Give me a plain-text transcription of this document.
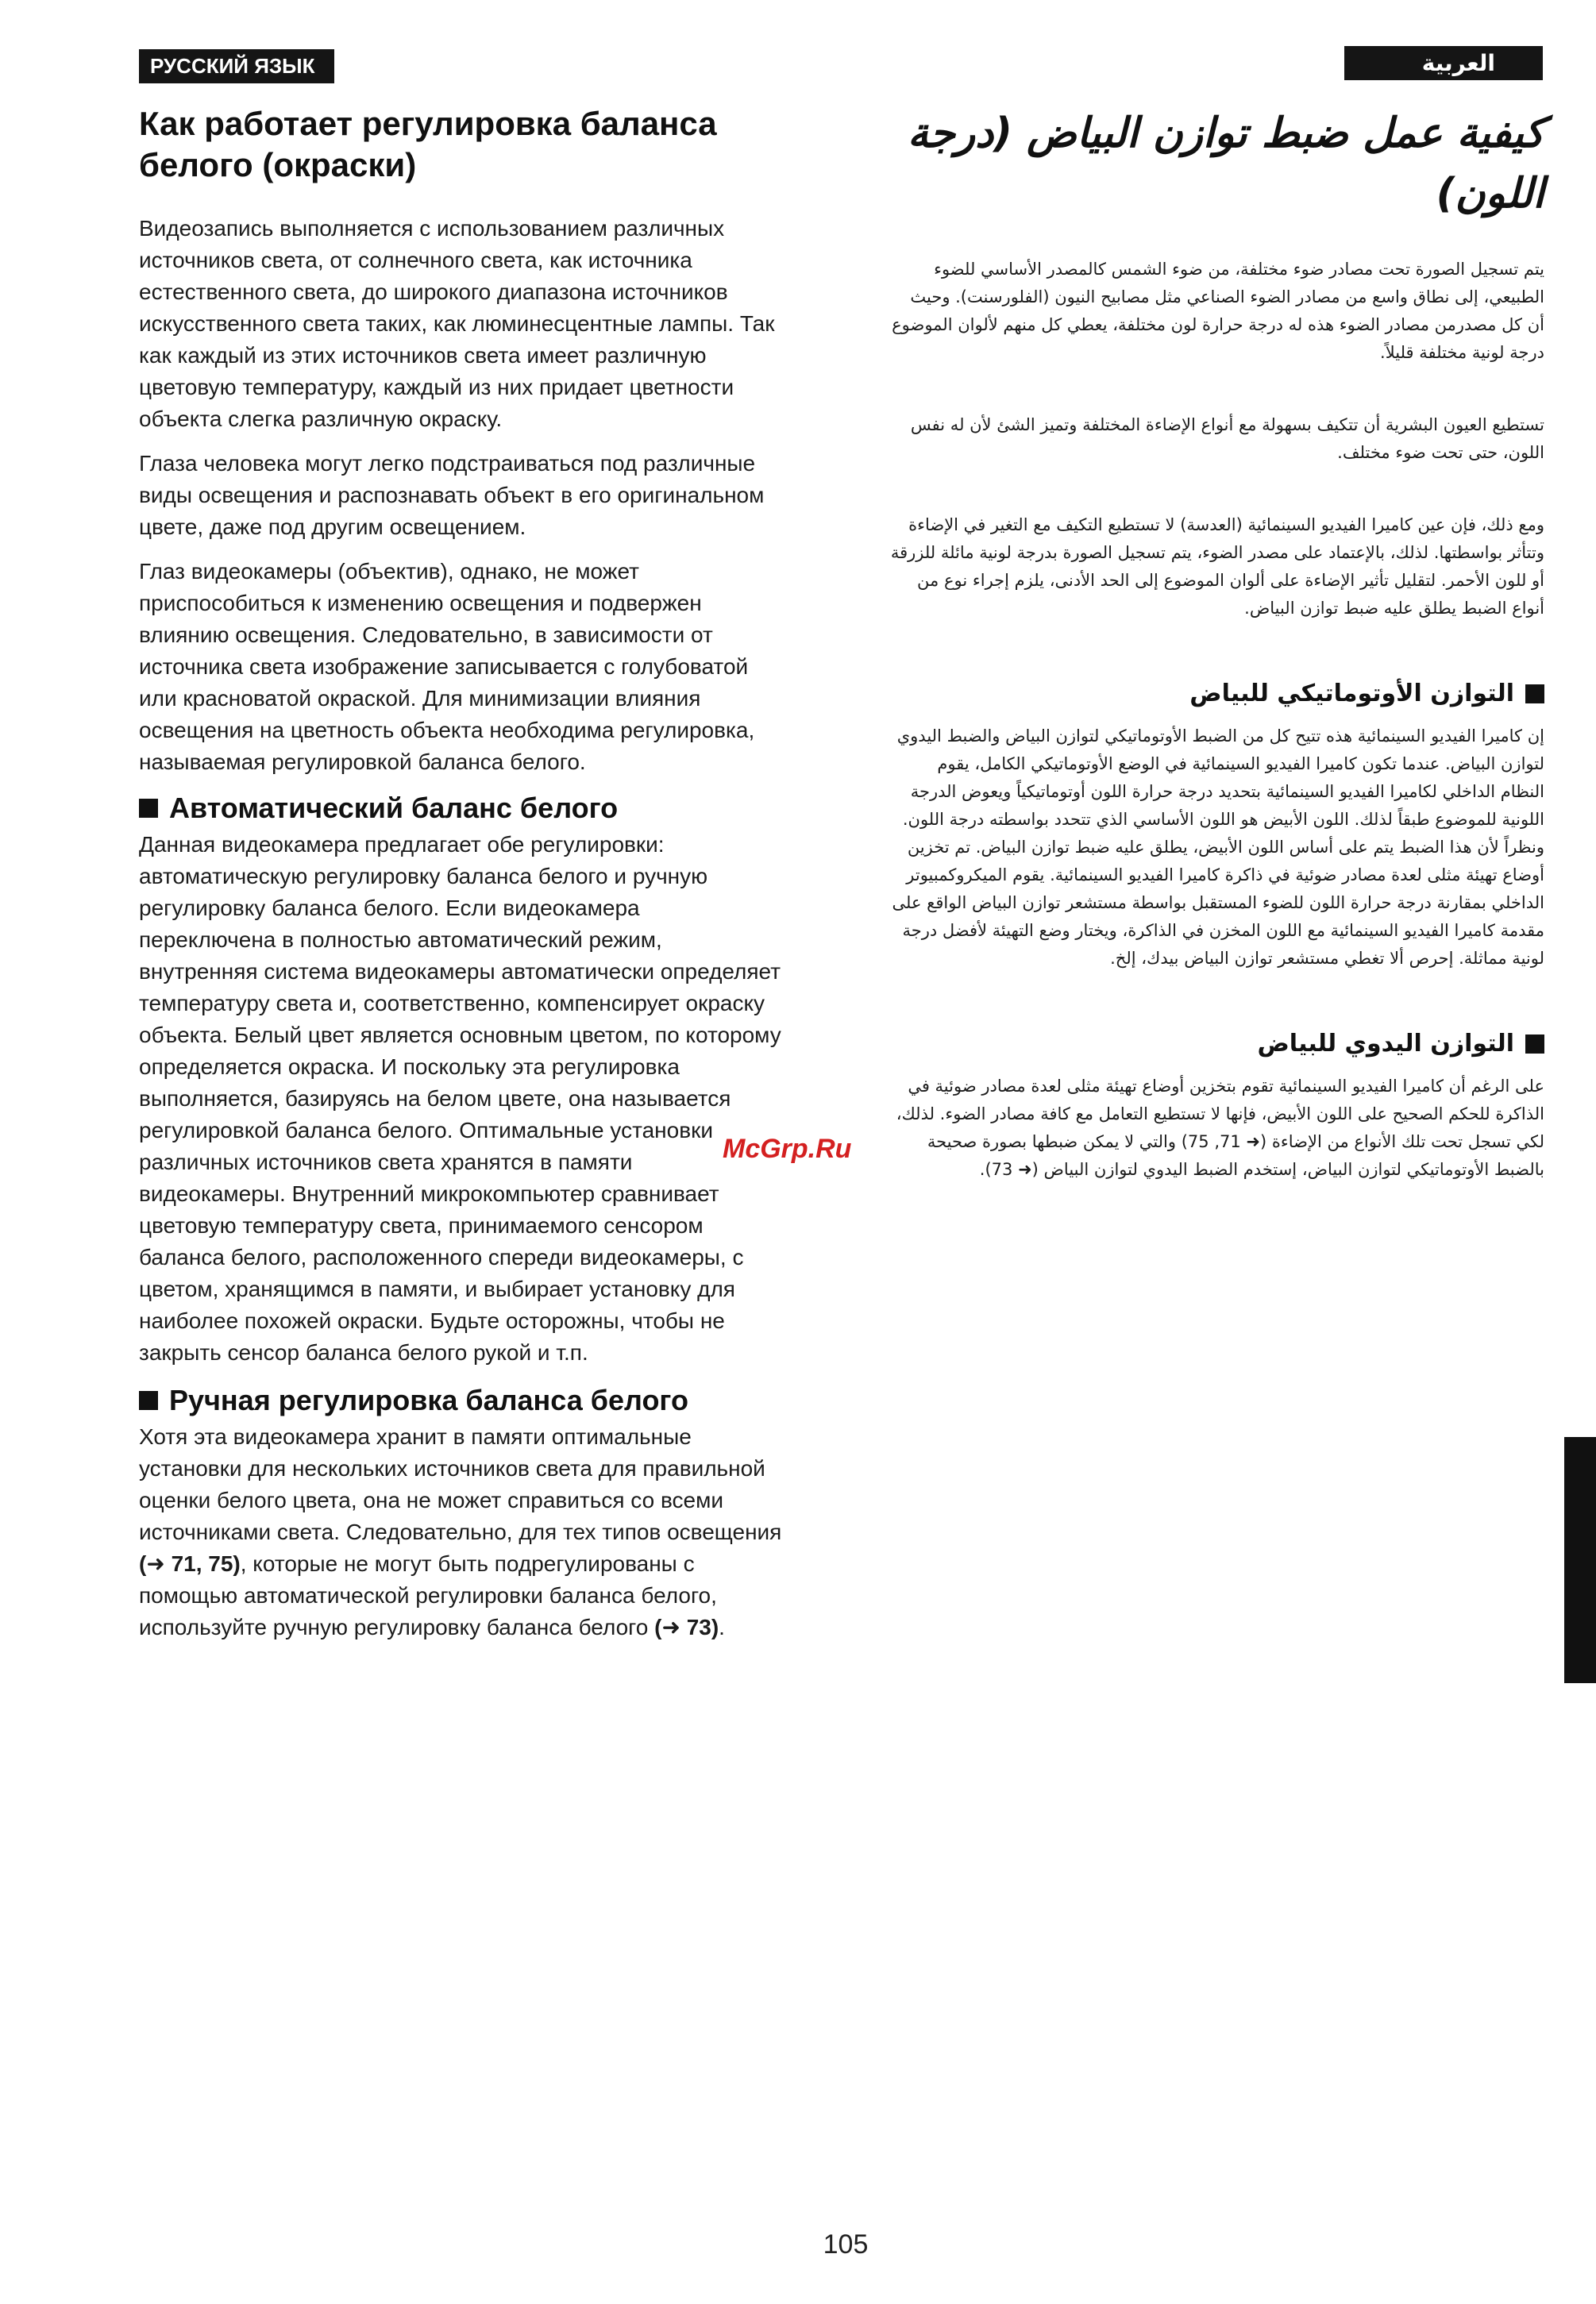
РУССКИЙ ЯЗЫК	العربية
Как работает регулировка баланса белого (окраски)

Видеозапись выполняется с использованием различных источников света, от солнечного света, как источника естественного света, до широкого диапазона источников искусственного света таких, как люминесцентные лампы. Так как каждый из этих источников света имеет различную цветовую температуру, каждый из них придает цветности объекта слегка различную окраску.

Глаза человека могут легко подстраиваться под различные виды освещения и распознавать объект в его оригинальном цвете, даже под другим освещением.

Глаз видеокамеры (объектив), однако, не может приспособиться к изменению освещения и подвержен влиянию освещения. Следовательно, в зависимости от источника света изображение записывается с голубоватой или красноватой окраской. Для минимизации влияния освещения на цветность объекта необходима регулировка, называемая регулировкой баланса белого.

Автоматический баланс белого

Данная видеокамера предлагает обе регулировки: автоматическую регулировку баланса белого и ручную регулировку баланса белого. Если видеокамера переключена в полностью автоматический режим, внутренняя система видеокамеры автоматически определяет температуру света и, соответственно, компенсирует окраску объекта. Белый цвет является основным цветом, по которому определяется окраска. И поскольку эта регулировка выполняется, базируясь на белом цвете, она называется регулировкой баланса белого. Оптимальные установки различных источников света хранятся в памяти видеокамеры. Внутренний микрокомпьютер сравнивает цветовую температуру света, принимаемого сенсором баланса белого, расположенного спереди видеокамеры, с цветом, хранящимся в памяти, и выбирает установку для наиболее похожей окраски. Будьте осторожны, чтобы не закрыть сенсор баланса белого рукой и т.п.

Ручная регулировка баланса белого

Хотя эта видеокамера хранит в памяти оптимальные установки для нескольких источников света для правильной оценки белого цвета, она не может справиться со всеми источниками света. Следовательно, для тех типов освещения (➜ 71, 75), которые не могут быть подрегулированы с помощью автоматической регулировки баланса белого, используйте ручную регулировку баланса белого (➜ 73).

كيفية عمل ضبط توازن البياض (درجة اللون)

يتم تسجيل الصورة تحت مصادر ضوء مختلفة، من ضوء الشمس كالمصدر الأساسي للضوء الطبيعي، إلى نطاق واسع من مصادر الضوء الصناعي مثل مصابيح النيون (الفلورسنت). وحيث أن كل مصدرمن مصادر الضوء هذه له درجة حرارة لون مختلفة، يعطي كل منهم لألوان الموضوع درجة لونية مختلفة قليلاً.

تستطيع العيون البشرية أن تتكيف بسهولة مع أنواع الإضاءة المختلفة وتميز الشئ لأن له نفس اللون، حتى تحت ضوء مختلف.

ومع ذلك، فإن عين كاميرا الفيديو السينمائية (العدسة) لا تستطيع التكيف مع التغير في الإضاءة وتتأثر بواسطتها. لذلك، بالإعتماد على مصدر الضوء، يتم تسجيل الصورة بدرجة لونية مائلة للزرقة أو للون الأحمر. لتقليل تأثير الإضاءة على ألوان الموضوع إلى الحد الأدنى، يلزم إجراء نوع من أنواع الضبط يطلق عليه ضبط توازن البياض.

التوازن الأوتوماتيكي للبياض

إن كاميرا الفيديو السينمائية هذه تتيح كل من الضبط الأوتوماتيكي لتوازن البياض والضبط اليدوي لتوازن البياض. عندما تكون كاميرا الفيديو السينمائية في الوضع الأوتوماتيكي الكامل، يقوم النظام الداخلي لكاميرا الفيديو السينمائية بتحديد درجة حرارة اللون أوتوماتيكياً ويعوض الدرجة اللونية للموضوع طبقاً لذلك. اللون الأبيض هو اللون الأساسي الذي تتحدد بواسطته درجة اللون. ونظراً لأن هذا الضبط يتم على أساس اللون الأبيض، يطلق عليه ضبط توازن البياض. تم تخزين أوضاع تهيئة مثلى لعدة مصادر ضوئية في ذاكرة كاميرا الفيديو السينمائية. يقوم الميكروكمبيوتر الداخلي بمقارنة درجة حرارة اللون للضوء المستقبل بواسطة مستشعر توازن البياض الواقع على مقدمة كاميرا الفيديو السينمائية مع اللون المخزن في الذاكرة، ويختار وضع التهيئة لأفضل درجة لونية مماثلة. إحرص ألا تغطي مستشعر توازن البياض بيدك، إلخ.

التوازن اليدوي للبياض

على الرغم أن كاميرا الفيديو السينمائية تقوم بتخزين أوضاع تهيئة مثلى لعدة مصادر ضوئية في الذاكرة للحكم الصحيح على اللون الأبيض، فإنها لا تستطيع التعامل مع كافة مصادر الضوء. لذلك، لكي تسجل تحت تلك الأنواع من الإضاءة (➜ 71, 75) والتي لا يمكن ضبطها بصورة صحيحة بالضبط الأوتوماتيكي لتوازن البياض، إستخدم الضبط اليدوي لتوازن البياض (➜ 73).

McGrp.Ru
105
